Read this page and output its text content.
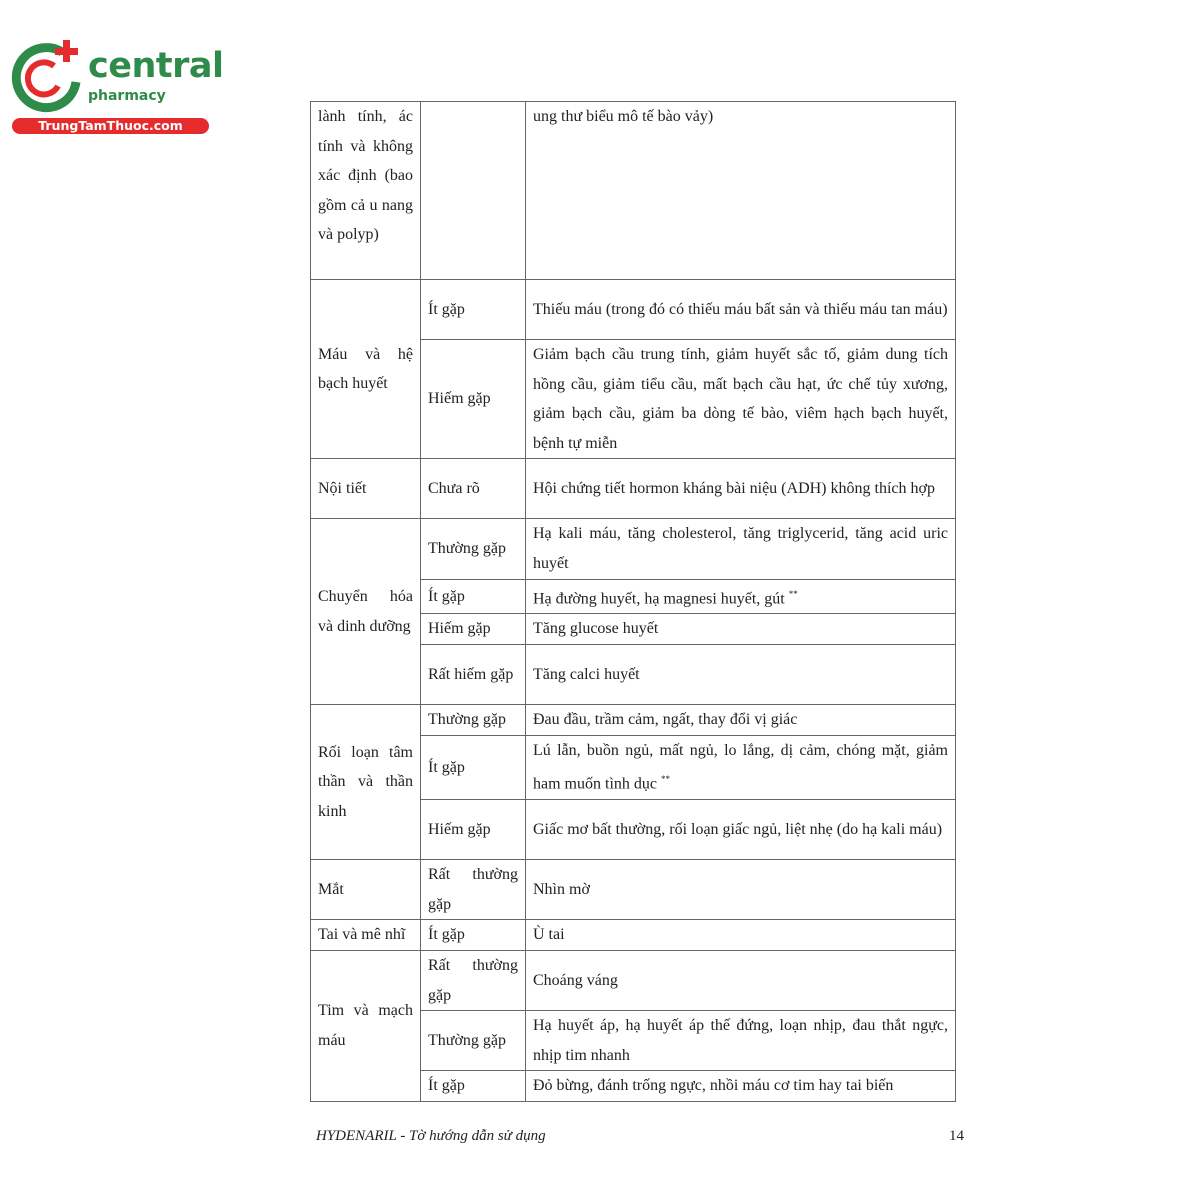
central
pharmacy
TrungTamThuoc.com
lành tính, ác tính và không xác định (bao gồm cả u nang và polyp)		ung thư biểu mô tế bào vảy)
Máu và hệ bạch huyết	Ít gặp	Thiếu máu (trong đó có thiếu máu bất sản và thiếu máu tan máu)
	Hiếm gặp	Giảm bạch cầu trung tính, giảm huyết sắc tố, giảm dung tích hồng cầu, giảm tiểu cầu, mất bạch cầu hạt, ức chế tủy xương, giảm bạch cầu, giảm ba dòng tế bào, viêm hạch bạch huyết, bệnh tự miễn
Nội tiết	Chưa rõ	Hội chứng tiết hormon kháng bài niệu (ADH) không thích hợp
Chuyển hóa và dinh dưỡng	Thường gặp	Hạ kali máu, tăng cholesterol, tăng triglycerid, tăng acid uric huyết
	Ít gặp	Hạ đường huyết, hạ magnesi huyết, gút **
	Hiếm gặp	Tăng glucose huyết
	Rất hiếm gặp	Tăng calci huyết
Rối loạn tâm thần và thần kinh	Thường gặp	Đau đầu, trầm cảm, ngất, thay đổi vị giác
	Ít gặp	Lú lẫn, buồn ngủ, mất ngủ, lo lắng, dị cảm, chóng mặt, giảm ham muốn tình dục **
	Hiếm gặp	Giấc mơ bất thường, rối loạn giấc ngủ, liệt nhẹ (do hạ kali máu)
Mắt	Rất thường gặp	Nhìn mờ
Tai và mê nhĩ	Ít gặp	Ù tai
Tim và mạch máu	Rất thường gặp	Choáng váng
	Thường gặp	Hạ huyết áp, hạ huyết áp thế đứng, loạn nhịp, đau thắt ngực, nhịp tim nhanh
	Ít gặp	Đỏ bừng, đánh trống ngực, nhồi máu cơ tim hay tai biến
HYDENARIL - Tờ hướng dẫn sử dụng	14
